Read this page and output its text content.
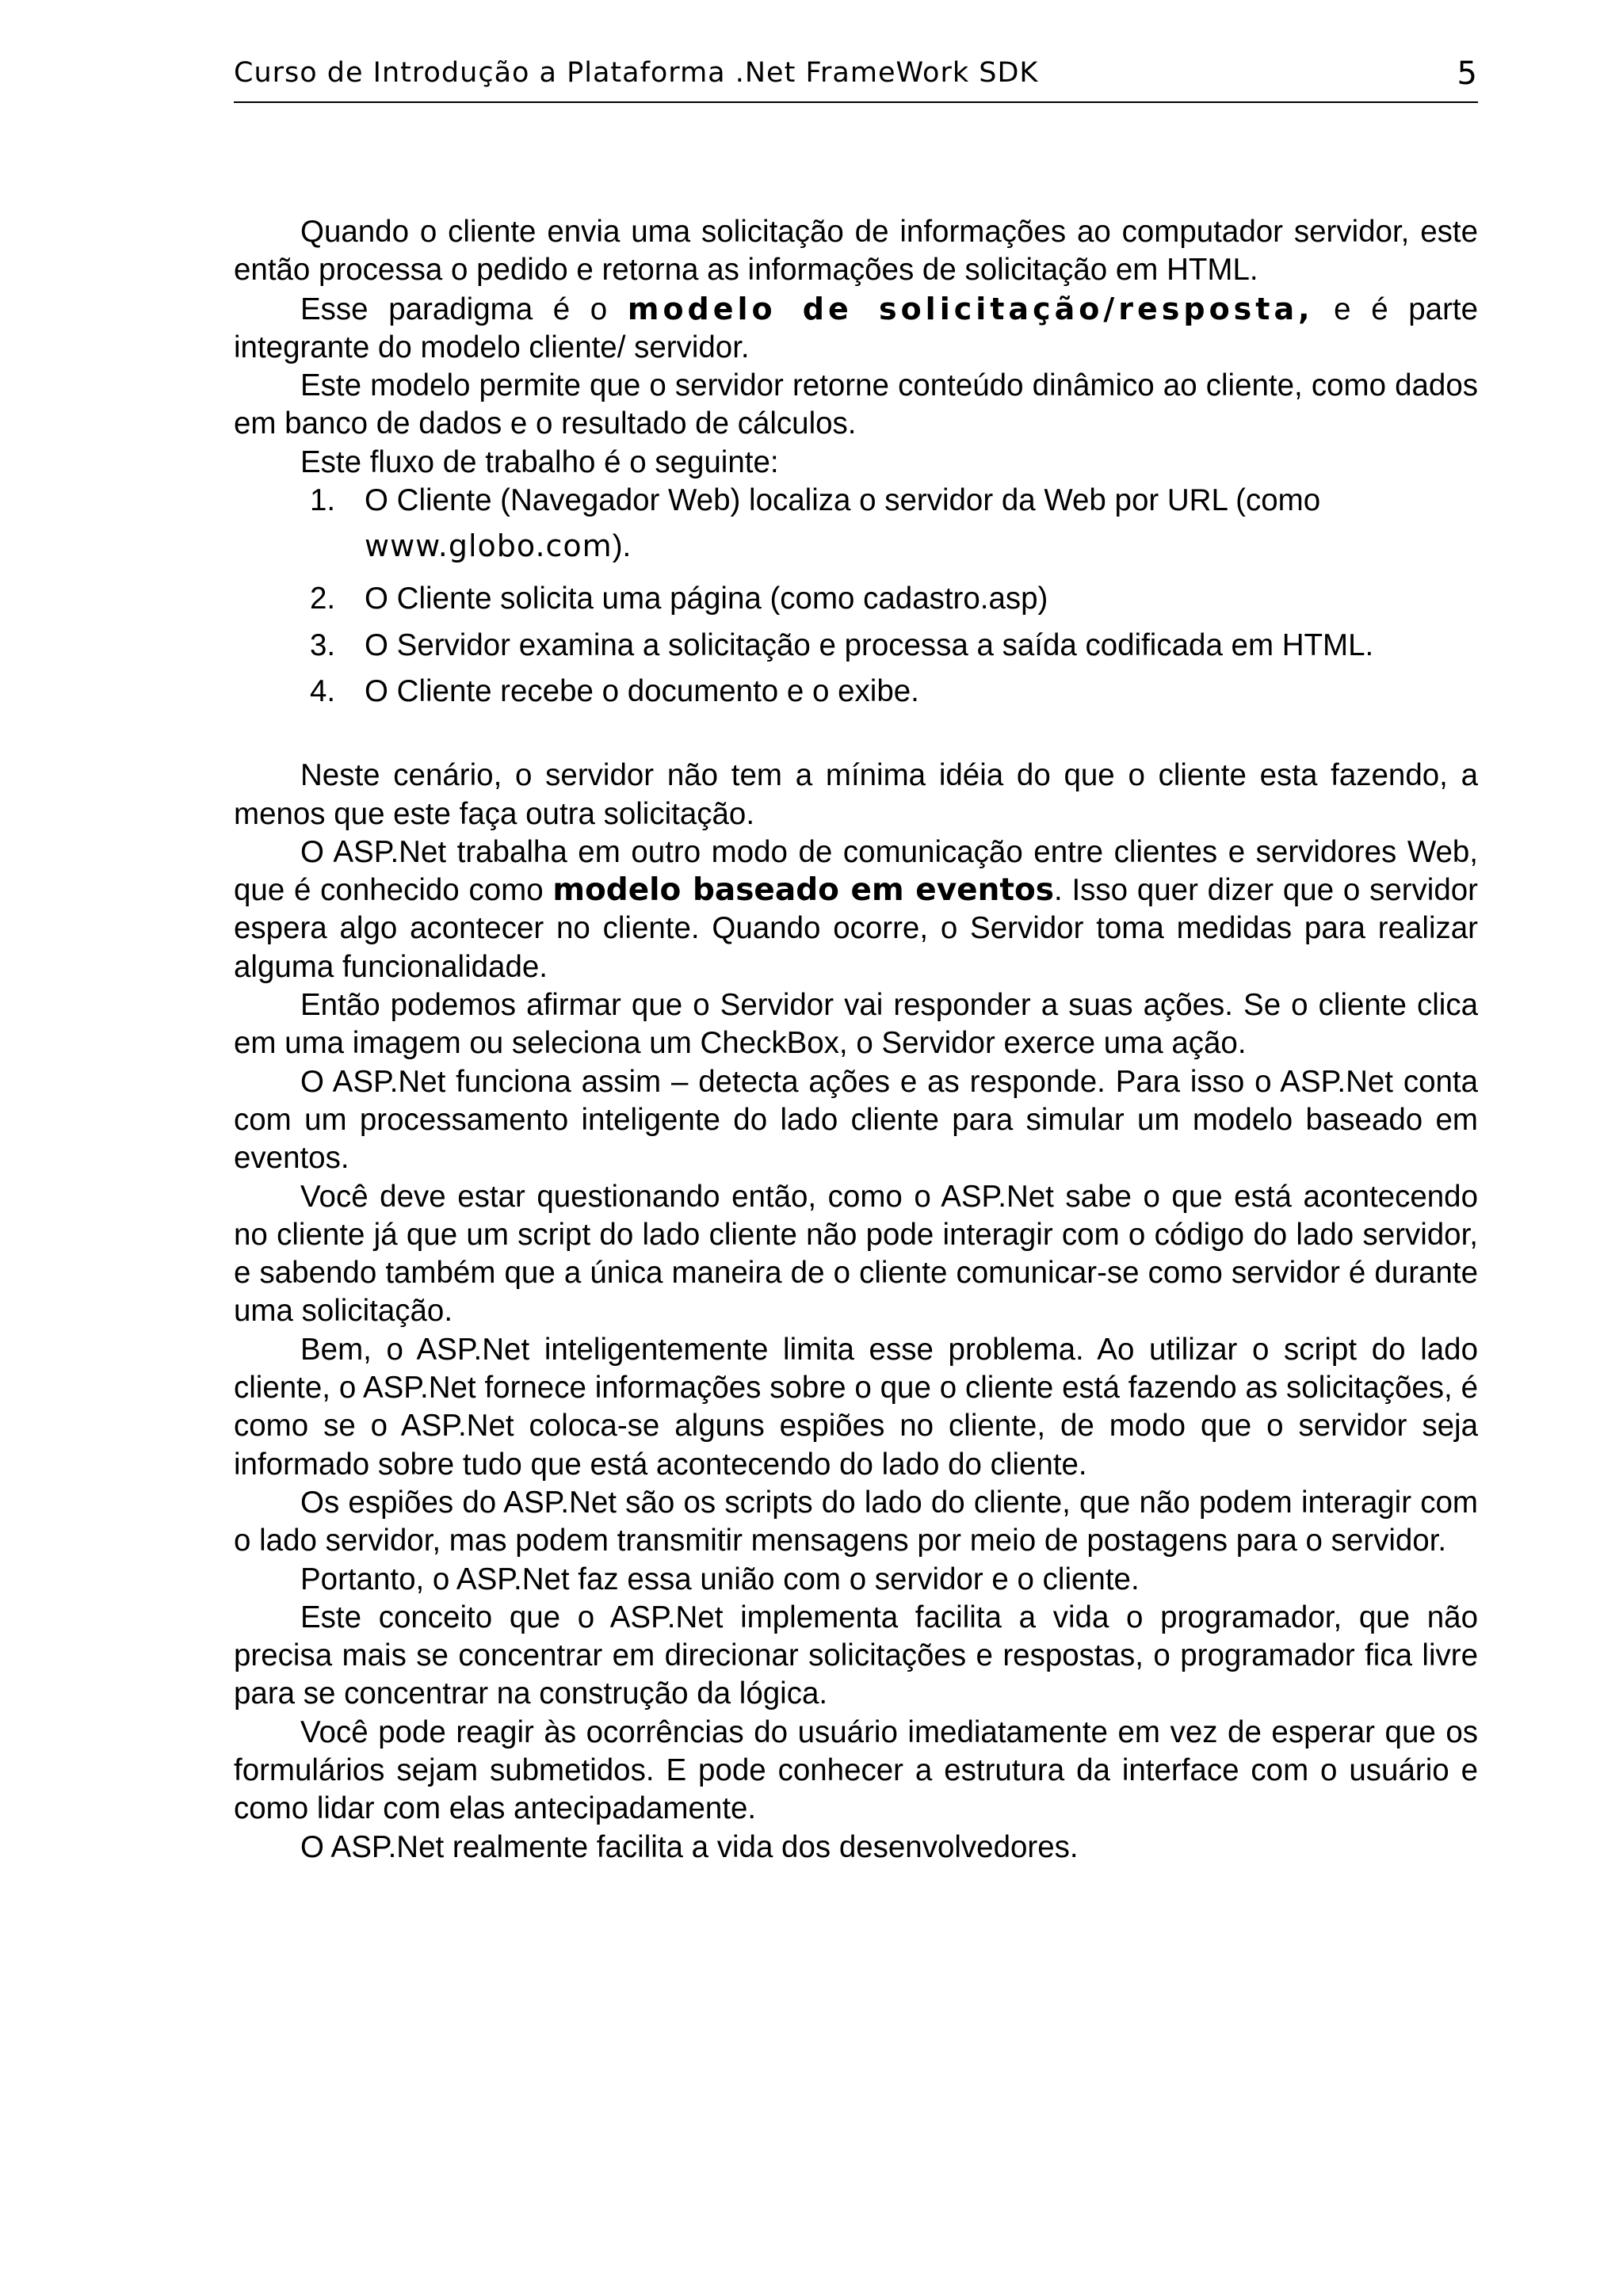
Curso de Introdução a Plataforma .Net FrameWork SDK	5

Quando o cliente envia uma solicitação de informações ao computador servidor, este então processa o pedido e retorna as informações de solicitação em HTML.

Esse paradigma é o modelo de solicitação/resposta, e é parte integrante do modelo cliente/ servidor.

Este modelo permite que o servidor retorne conteúdo dinâmico ao cliente, como dados em banco de dados e o resultado de cálculos.

Este fluxo de trabalho é o seguinte:

1. O Cliente (Navegador Web) localiza o servidor da Web por URL (como
www.globo.com).
2. O Cliente solicita uma página (como cadastro.asp)
3. O Servidor examina a solicitação e processa a saída codificada em HTML.
4. O Cliente recebe o documento e o exibe.

Neste cenário, o servidor não tem a mínima idéia do que o cliente esta fazendo, a menos que este faça outra solicitação.

O ASP.Net trabalha em outro modo de comunicação entre clientes e servidores Web, que é conhecido como modelo baseado em eventos. Isso quer dizer que o servidor espera algo acontecer no cliente. Quando ocorre, o Servidor toma medidas para realizar alguma funcionalidade.

Então podemos afirmar que o Servidor vai responder a suas ações. Se o cliente clica em uma imagem ou seleciona um CheckBox, o Servidor exerce uma ação.

O ASP.Net funciona assim – detecta ações e as responde. Para isso o ASP.Net conta com um processamento inteligente do lado cliente para simular um modelo baseado em eventos.

Você deve estar questionando então, como o ASP.Net sabe o que está acontecendo no cliente já que um script do lado cliente não pode interagir com o código do lado servidor, e sabendo também que a única maneira de o cliente comunicar-se como servidor é durante uma solicitação.

Bem, o ASP.Net inteligentemente limita esse problema. Ao utilizar o script do lado cliente, o ASP.Net fornece informações sobre o que o cliente está fazendo as solicitações, é como se o ASP.Net coloca-se alguns espiões no cliente, de modo que o servidor seja informado sobre tudo que está acontecendo do lado do cliente.

Os espiões do ASP.Net são os scripts do lado do cliente, que não podem interagir com o lado servidor, mas podem transmitir mensagens por meio de postagens para o servidor.

Portanto, o ASP.Net faz essa união com o servidor e o cliente.

Este conceito que o ASP.Net implementa facilita a vida o programador, que não precisa mais se concentrar em direcionar solicitações e respostas, o programador fica livre para se concentrar na construção da lógica.

Você pode reagir às ocorrências do usuário imediatamente em vez de esperar que os formulários sejam submetidos. E pode conhecer a estrutura da interface com o usuário e como lidar com elas antecipadamente.

O ASP.Net realmente facilita a vida dos desenvolvedores.
